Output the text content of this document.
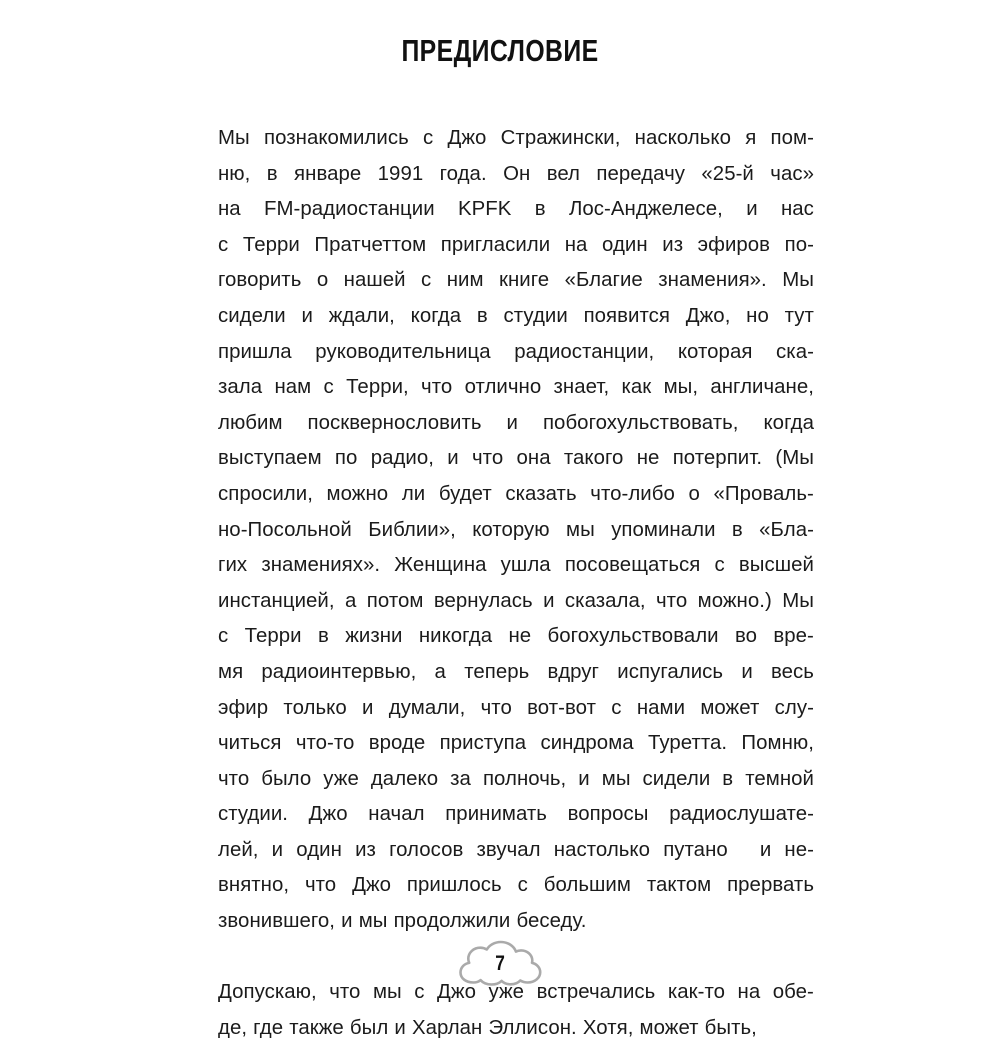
ПРЕДИСЛОВИЕ
Мы познакомились с Джо Стражински, насколько я пом-
ню, в январе 1991 года. Он вел передачу «25-й час»
на FM-радиостанции KPFK в Лос-Анджелесе, и нас
с Терри Пратчеттом пригласили на один из эфиров по-
говорить о нашей с ним книге «Благие знамения». Мы
сидели и ждали, когда в студии появится Джо, но тут
пришла руководительница радиостанции, которая ска-
зала нам с Терри, что отлично знает, как мы, англичане,
любим посквернословить и побогохульствовать, когда
выступаем по радио, и что она такого не потерпит. (Мы
спросили, можно ли будет сказать что-либо о «Проваль-
но-Посольной Библии», которую мы упоминали в «Бла-
гих знамениях». Женщина ушла посовещаться с высшей
инстанцией, а потом вернулась и сказала, что можно.) Мы
с Терри в жизни никогда не богохульствовали во вре-
мя радиоинтервью, а теперь вдруг испугались и весь
эфир только и думали, что вот-вот с нами может слу-
читься что-то вроде приступа синдрома Туретта. Помню,
что было уже далеко за полночь, и мы сидели в темной
студии. Джо начал принимать вопросы радиослушате-
лей, и один из голосов звучал настолько путано
и не-
внятно, что Джо пришлось с большим тактом прервать
звонившего, и мы продолжили беседу.
Допускаю, что мы с Джо уже встречались как-то на обе-
де, где также был и Харлан Эллисон. Хотя, может быть,
7
